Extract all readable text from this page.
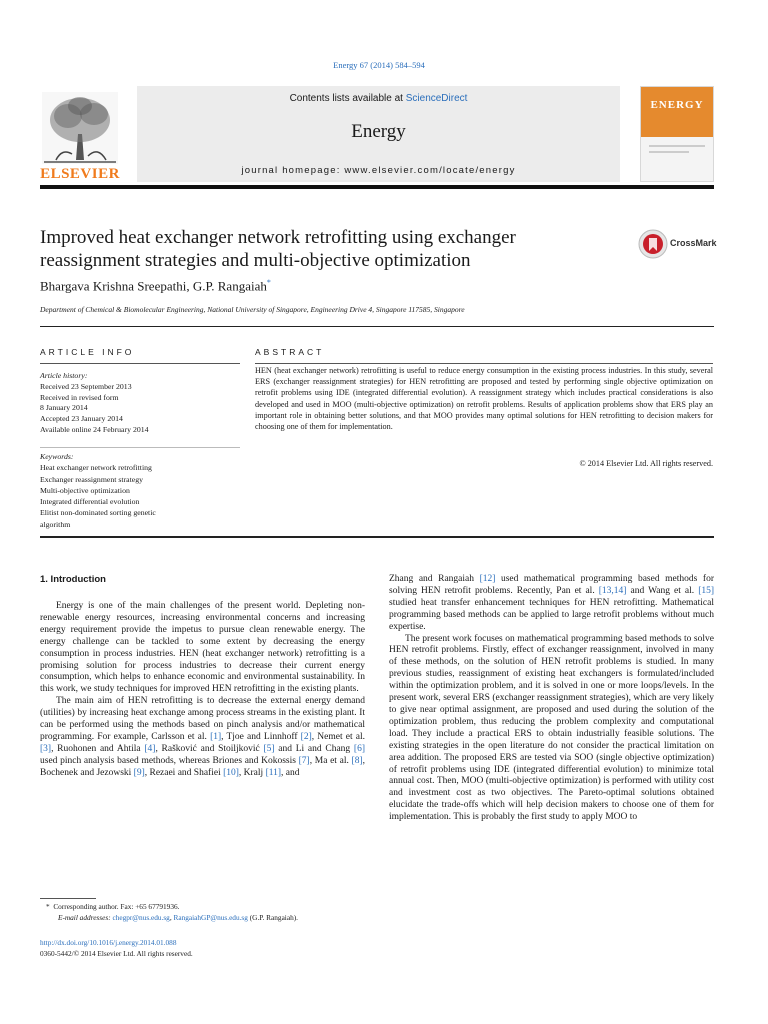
Energy 67 (2014) 584–594
ELSEVIER
Contents lists available at ScienceDirect
Energy
journal homepage: www.elsevier.com/locate/energy
ENERGY
Improved heat exchanger network retrofitting using exchanger
reassignment strategies and multi-objective optimization
CrossMark
Bhargava Krishna Sreepathi, G.P. Rangaiah*
Department of Chemical & Biomolecular Engineering, National University of Singapore, Engineering Drive 4, Singapore 117585, Singapore
ARTICLE INFO	ABSTRACT
Article history:
Received 23 September 2013
Received in revised form
8 January 2014
Accepted 23 January 2014
Available online 24 February 2014
Keywords:
Heat exchanger network retrofitting
Exchanger reassignment strategy
Multi-objective optimization
Integrated differential evolution
Elitist non-dominated sorting genetic
algorithm
HEN (heat exchanger network) retrofitting is useful to reduce energy consumption in the existing process industries. In this study, several ERS (exchanger reassignment strategies) for HEN retrofitting are proposed and tested by performing single objective optimization on retrofit problems using IDE (integrated differential evolution). A reassignment strategy which includes practical considerations is also developed and used in MOO (multi-objective optimization) on retrofit problems. Results of application problems show that ERS play an important role in obtaining better solutions, and that MOO provides many optimal solutions for HEN retrofitting to decision makers for choosing one of them for implementation.
© 2014 Elsevier Ltd. All rights reserved.
1. Introduction

Energy is one of the main challenges of the present world. Depleting non-renewable energy resources, increasing environmental concerns and increasing energy requirement provide the impetus to pursue clean renewable energy. The energy challenge can be tackled to some extent by decreasing the energy consumption in process industries. HEN (heat exchanger network) retrofitting is a promising solution for process industries to decrease their current energy consumption, which helps to enhance economic and environmental sustainability. In this work, we study techniques for improved HEN retrofitting in the existing plants.

The main aim of HEN retrofitting is to decrease the external energy demand (utilities) by increasing heat exchange among process streams in the existing plant. It can be performed using the methods based on pinch analysis and/or mathematical programming. For example, Carlsson et al. [1], Tjoe and Linnhoff [2], Nemet et al. [3], Ruohonen and Ahtila [4], Rašković and Stoiljković [5] and Li and Chang [6] used pinch analysis based methods, whereas Briones and Kokossis [7], Ma et al. [8], Bochenek and Jezowski [9], Rezaei and Shafiei [10], Kralj [11], and

Zhang and Rangaiah [12] used mathematical programming based methods for solving HEN retrofit problems. Recently, Pan et al. [13,14] and Wang et al. [15] studied heat transfer enhancement techniques for HEN retrofitting. Mathematical programming based methods can be applied to large retrofit problems without much expertise.

The present work focuses on mathematical programming based methods to solve HEN retrofit problems. Firstly, effect of exchanger reassignment, involved in many of these methods, on the solution of HEN retrofit problems is studied. In many previous studies, reassignment of existing heat exchangers is formulated/included within the optimization problem, and it is solved in one or more loops/levels. In the present work, several ERS (exchanger reassignment strategies), which are very likely to give near optimal assignment, are proposed and used during the solution of the optimization problem, thus reducing the problem complexity and computational load. They include a practical ERS to obtain industrially feasible solutions. The existing strategies in the open literature do not consider the practical limitation on area addition. The proposed ERS are tested via SOO (single objective optimization) of retrofit problems using IDE (integrated differential evolution) to minimize total annual cost. Then, MOO (multi-objective optimization) is performed with utility cost and investment cost as two objectives. The Pareto-optimal solutions obtained elucidate the trade-offs which will help decision makers to choose one of them for implementation. This is probably the first study to apply MOO to

* Corresponding author. Fax: +65 67791936.
E-mail addresses: chegpr@nus.edu.sg, RangaiahGP@nus.edu.sg (G.P. Rangaiah).
http://dx.doi.org/10.1016/j.energy.2014.01.088
0360-5442/© 2014 Elsevier Ltd. All rights reserved.
